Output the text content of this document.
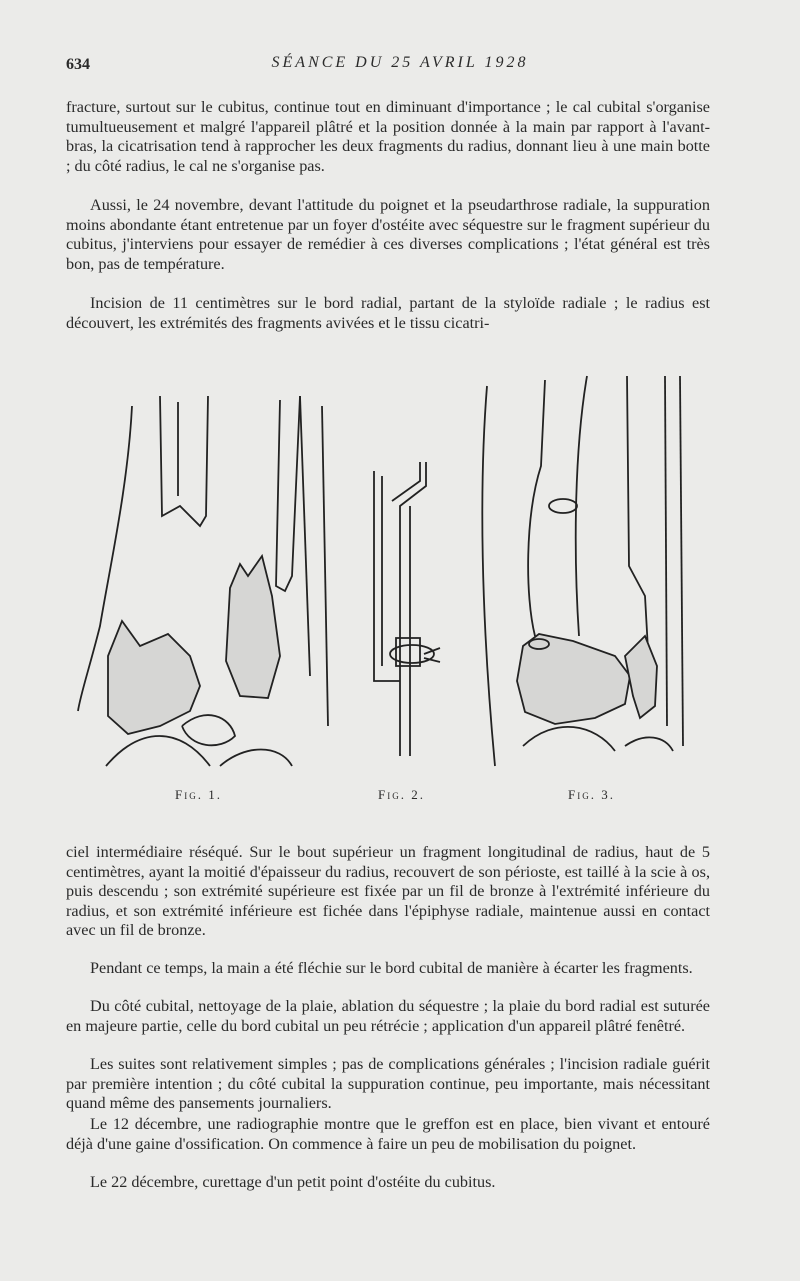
634	SÉANCE DU 25 AVRIL 1928

fracture, surtout sur le cubitus, continue tout en diminuant d'importance ; le cal cubital s'organise tumultueusement et malgré l'appareil plâtré et la position donnée à la main par rapport à l'avant-bras, la cicatrisation tend à rapprocher les deux fragments du radius, donnant lieu à une main botte ; du côté radius, le cal ne s'organise pas.

Aussi, le 24 novembre, devant l'attitude du poignet et la pseudarthrose radiale, la suppuration moins abondante étant entretenue par un foyer d'ostéite avec séquestre sur le fragment supérieur du cubitus, j'interviens pour essayer de remédier à ces diverses complications ; l'état général est très bon, pas de température.

Incision de 11 centimètres sur le bord radial, partant de la styloïde radiale ; le radius est découvert, les extrémités des fragments avivées et le tissu cicatri-

Fig. 1.	Fig. 2.	Fig. 3.

ciel intermédiaire réséqué. Sur le bout supérieur un fragment longitudinal de radius, haut de 5 centimètres, ayant la moitié d'épaisseur du radius, recouvert de son périoste, est taillé à la scie à os, puis descendu ; son extrémité supérieure est fixée par un fil de bronze à l'extrémité inférieure du radius, et son extrémité inférieure est fichée dans l'épiphyse radiale, maintenue aussi en contact avec un fil de bronze.

Pendant ce temps, la main a été fléchie sur le bord cubital de manière à écarter les fragments.

Du côté cubital, nettoyage de la plaie, ablation du séquestre ; la plaie du bord radial est suturée en majeure partie, celle du bord cubital un peu rétrécie ; application d'un appareil plâtré fenêtré.

Les suites sont relativement simples ; pas de complications générales ; l'incision radiale guérit par première intention ; du côté cubital la suppuration continue, peu importante, mais nécessitant quand même des pansements journaliers.

Le 12 décembre, une radiographie montre que le greffon est en place, bien vivant et entouré déjà d'une gaine d'ossification. On commence à faire un peu de mobilisation du poignet.

Le 22 décembre, curettage d'un petit point d'ostéite du cubitus.
